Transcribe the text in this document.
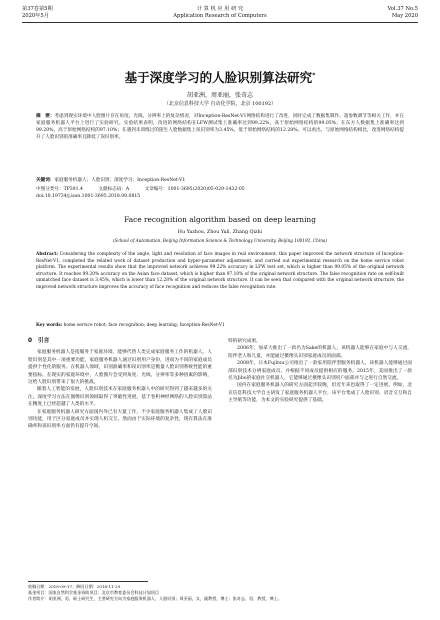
第37卷第5期
2020年5月
计 算 机 应 用 研 究
Application Research of Computers
Vol.37 No.5
May 2020
基于深度学习的人脸识别算法研究*
胡亚洲，周亚丽，张奇志
（北京信息科技大学 自动化学院，北京 100192）
摘　要：考虑到现实环境中人脸图片存在角度、光线、分辨率上的复杂情况，对Inception-ResNet-V1网络结构进行了改进，同时完成了数据集制作、超参数调节等相关工作，并在家庭服务机器人平台上进行了实验研究。实验结果表明，改进的网络结构在LFW测试集上准确率达到99.22%，高于原始网络结构的99.05%；在东方人数据集上准确率达到99.20%，高于原始网络结构的97.10%；在遇到未训练过的陌生人脸数据集上误识别率为3.45%，低于原始网络结构的12.28%。可以看出，与原始网络结构相比，改进网络结构提升了人脸识别的准确率且降低了误识别率。
关键词：家庭服务机器人；人脸识别；深度学习；Inception-ResNet-V1
中图分类号：TP391.4	文献标志码：A	文章编号：1001-3695(2020)05-029-1432-05
doi:10.19734/j.issn.1001-3695.2018.09.0815
Face recognition algorithm based on deep learning
Hu Yazhou, Zhou Yali, Zhang Qizhi
(School of Automation, Beijing Information Science & Technology University, Beijing 100192, China)
Abstract: Considering the complexity of the angle, light and resolution of face images in real environment, this paper improved the network structure of Inception-ResNet-V1, completed the related work of dataset production and hyper-parameter adjustment, and carried out experimental research on the home service robot platform. The experimental results show that the improved network achieves 99.22% accuracy in LFW test set, which is higher than 99.05% of the original network structure. It reaches 99.20% accuracy on the Asian face dataset, which is higher than 97.10% of the original network structure. The false recognition rate on self-built unmatched face dataset is 3.45%, which is lower than 12.28% of the original network structure. It can be seen that compared with the original network structure, the improved network structure improves the accuracy of face recognition and reduces the false recognition rate.
Key words: home service robot; face recognition; deep learning; Inception-ResNet-V1
0　引言

家庭服务机器人是指服务于家庭环境、能够代替人类完成家庭服务工作的机器人。人脸识别是其中一项重要功能，家庭服务机器人通过识别用户身份，进而为不同的家庭成员提供个性化的服务。在机器人领域，识别准确率和误识别率是衡量人脸识别系统性能的重要指标。在现实的家庭环境中，人脸图片会受到角度、光线、分辨率等多种因素的影响，这给人脸识别带来了很大的挑战。

随着人工智能的发展，人脸识别技术在家庭服务机器人中的研究得到了越来越多的关注。深度学习方法在图像识别领域取得了突破性进展，基于卷积神经网络的人脸识别算法在精度上已经超越了人类的水平。

在家庭服务机器人研究方面国内外已有大量工作，不少家庭服务机器人集成了人脸识别功能，用于区分家庭成员并实现人机交互。然而由于实际环境的复杂性，现有算法在准确率和误识别率方面仍有提升空间。

特的研究成果。

2006年，加拿大推出了一款名为Sake的机器人，该机器人能够在家庭中与人交流、陪伴老人和儿童，并能通过摄像头识别家庭成员的面部。

2008年，日本Fujitsu公司推出了一款家用陪伴型服务机器人，该机器人能够通过面部识别技术分辨家庭成员，并根据不同成员提供相应的服务。2015年，美国推出了一款名为Jibo的家庭社交机器人，它能够通过摄像头识别用户面部并与之进行自然交流。

国内在家庭服务机器人的研究方面起步较晚，但近年来也取得了一定进展。例如，北京信息科技大学自主研发了家庭服务机器人平台，该平台集成了人脸识别、语音交互和自主导航等功能，为本文的实验研究提供了基础。

收稿日期：2018-09-17；修回日期：2018-11-29
基金项目：国家自然科学基金资助项目；北京市教育委员会科技计划项目
作者简介：胡亚洲，男，硕士研究生，主要研究方向为家庭服务机器人、人脸识别；周亚丽，女，副教授，博士；张奇志，男，教授，博士。
